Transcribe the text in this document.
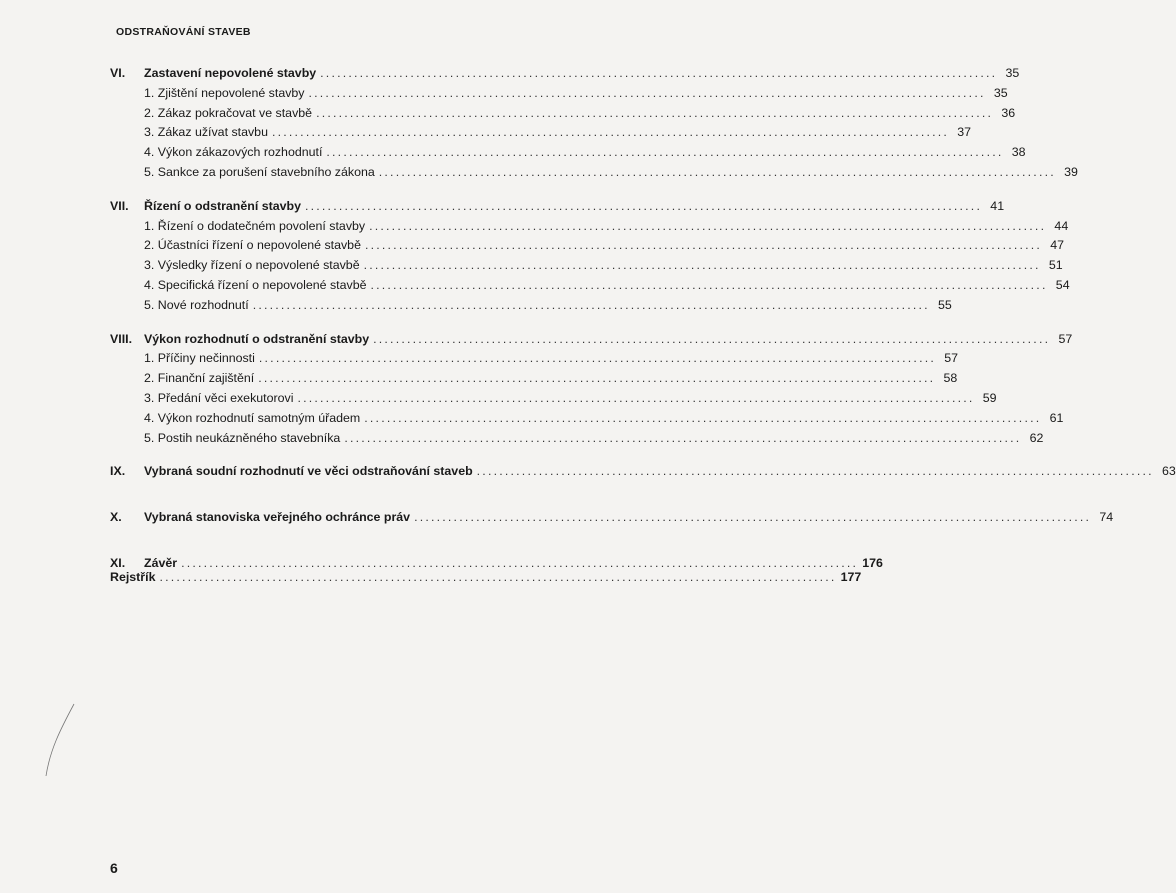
ODSTRAŇOVÁNÍ STAVEB
VI. Zastavení nepovolené stavby ........................................................................................................................ 35
1. Zjištění nepovolené stavby ........................................................................................................................ 35
2. Zákaz pokračovat ve stavbě ........................................................................................................................ 36
3. Zákaz užívat stavbu ........................................................................................................................ 37
4. Výkon zákazových rozhodnutí ........................................................................................................................ 38
5. Sankce za porušení stavebního zákona ........................................................................................................................ 39
VII. Řízení o odstranění stavby ........................................................................................................................ 41
1. Řízení o dodatečném povolení stavby ........................................................................................................................ 44
2. Účastníci řízení o nepovolené stavbě ........................................................................................................................ 47
3. Výsledky řízení o nepovolené stavbě ........................................................................................................................ 51
4. Specifická řízení o nepovolené stavbě ........................................................................................................................ 54
5. Nové rozhodnutí ........................................................................................................................ 55
VIII. Výkon rozhodnutí o odstranění stavby ........................................................................................................................ 57
1. Příčiny nečinnosti ........................................................................................................................ 57
2. Finanční zajištění ........................................................................................................................ 58
3. Předání věci exekutorovi ........................................................................................................................ 59
4. Výkon rozhodnutí samotným úřadem ........................................................................................................................ 61
5. Postih neukázněného stavebníka ........................................................................................................................ 62
IX. Vybraná soudní rozhodnutí ve věci odstraňování staveb ........................................................................................................................ 63
X. Vybraná stanoviska veřejného ochránce práv ........................................................................................................................ 74
XI. Závěr ........................................................................................................................ 176
Rejstřík ........................................................................................................................ 177
6
